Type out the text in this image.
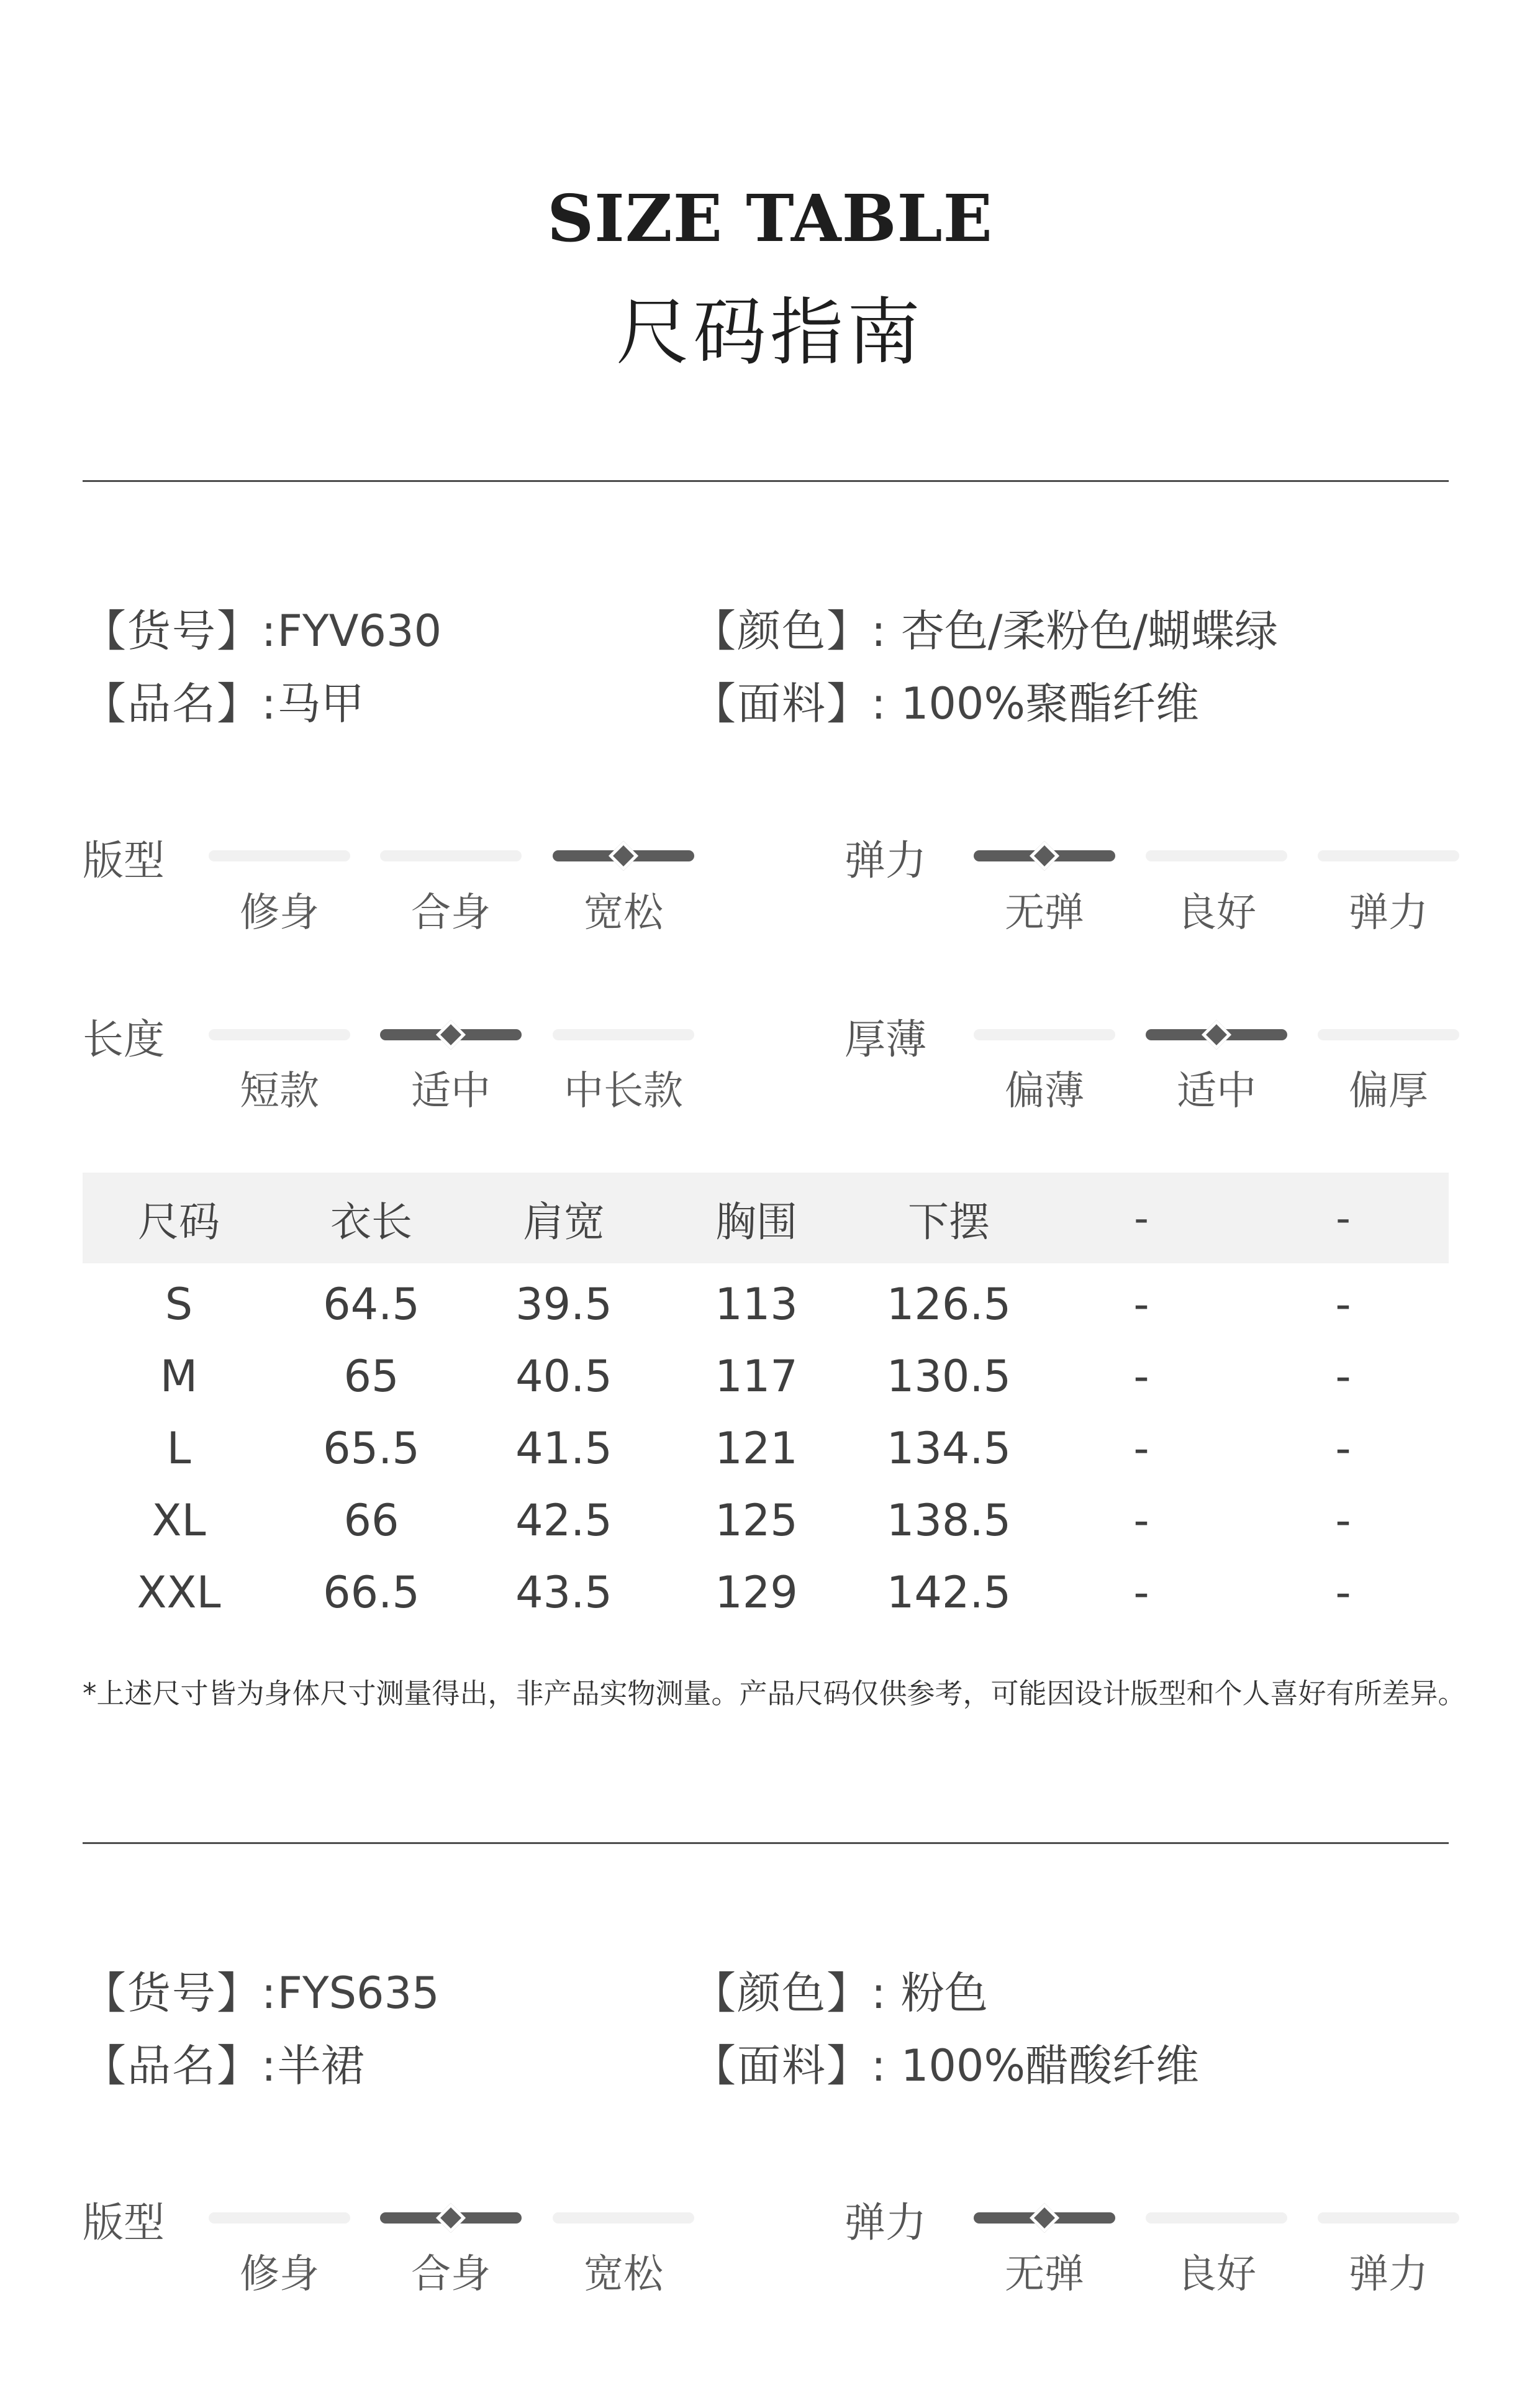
SIZE TABLE
尺码指南
【货号】:FYV630
【品名】:马甲
【颜色】: 杏色/柔粉色/蝴蝶绿
【面料】: 100%聚酯纤维
版型
修身	合身	宽松
弹力
无弹	良好	弹力
长度
短款	适中	中长款
厚薄
偏薄	适中	偏厚
尺码	衣长	肩宽	胸围	下摆	-	-
S	64.5	39.5	113	126.5	-	-
M	65	40.5	117	130.5	-	-
L	65.5	41.5	121	134.5	-	-
XL	66	42.5	125	138.5	-	-
XXL	66.5	43.5	129	142.5	-	-
*上述尺寸皆为身体尺寸测量得出，非产品实物测量。产品尺码仅供参考，可能因设计版型和个人喜好有所差异。
【货号】:FYS635
【品名】:半裙
【颜色】: 粉色
【面料】: 100%醋酸纤维
版型
修身	合身	宽松
弹力
无弹	良好	弹力
